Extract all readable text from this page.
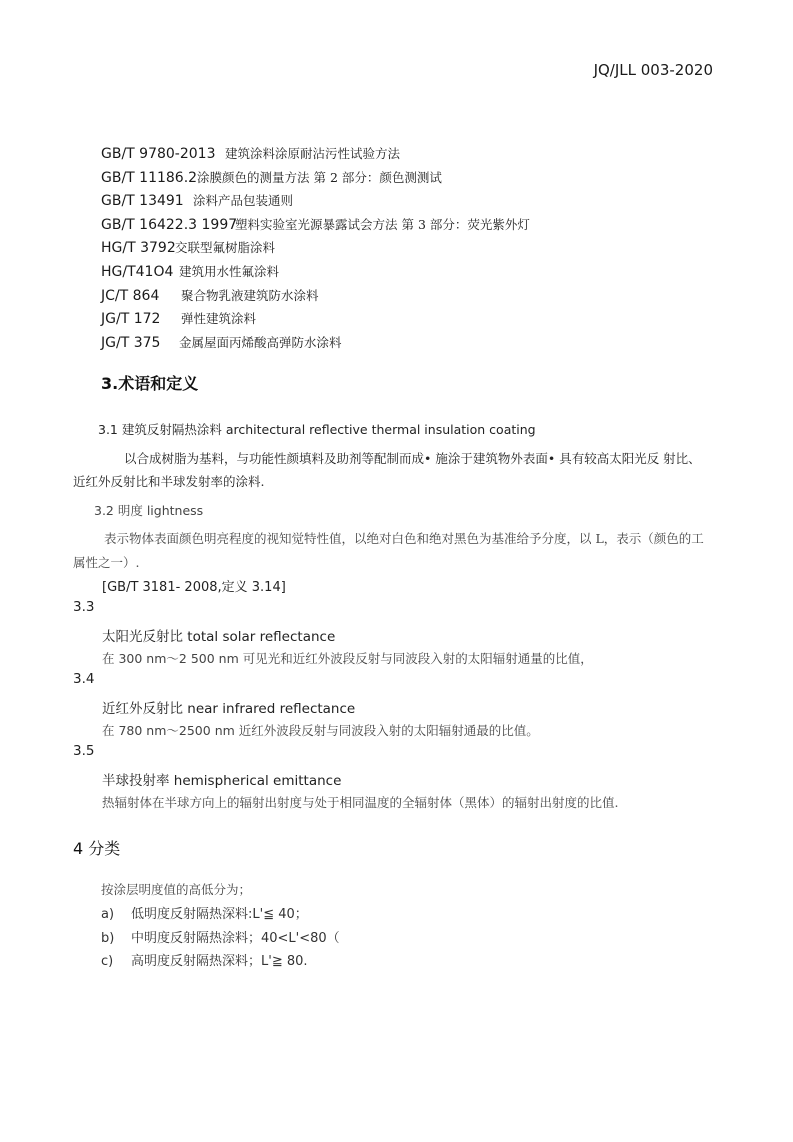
JQ/JLL 003-2020
GB/T 9780-2013 建筑涂料涂原耐沾污性试验方法
GB/T 11186.2涂膜颜色的测量方法 第 2 部分：颜色测测试
GB/T 13491 涂料产品包装通则
GB/T 16422.3 1997塑料实验室光源暴露试会方法 第 3 部分：荧光紫外灯
HG/T 3792交联型氟树脂涂料
HG/T41O4 建筑用水性氟涂料
JC/T 864 聚合物乳液建筑防水涂料
JG/T 172 弹性建筑涂料
JG/T 375 金属屋面丙烯酸高弹防水涂料
3.术语和定义
3.1 建筑反射隔热涂料 architectural reflective thermal insulation coating
以合成树脂为基料，与功能性颜填料及助剂等配制而成• 施涂于建筑物外表面• 具有较高太阳光反 射比、
近红外反射比和半球发射率的涂料.
3.2 明度 lightness
表示物体表面颜色明亮程度的视知觉特性值，以绝对白色和绝对黑色为基准给予分度，以 L，表示（颜色的工
属性之一）.
[GB/T 3181- 2008,定义 3.14]
3.3
太阳光反射比 total solar reflectance
在 300 nm〜2 500 nm 可见光和近红外波段反射与同波段入射的太阳辐射通量的比值，
3.4
近红外反射比 near infrared reflectance
在 780 nm〜2500 nm 近红外波段反射与同波段入射的太阳辐射通最的比值。
3.5
半球投射率 hemispherical emittance
热辐射体在半球方向上的辐射出射度与处于相同温度的全辐射体（黑体）的辐射出射度的比值.
4 分类
按涂层明度值的高低分为；
a) 低明度反射隔热深料:L'≦ 40；
b) 中明度反射隔热涂料；40<L'<80（
c) 高明度反射隔热深料；L'≧ 80.
